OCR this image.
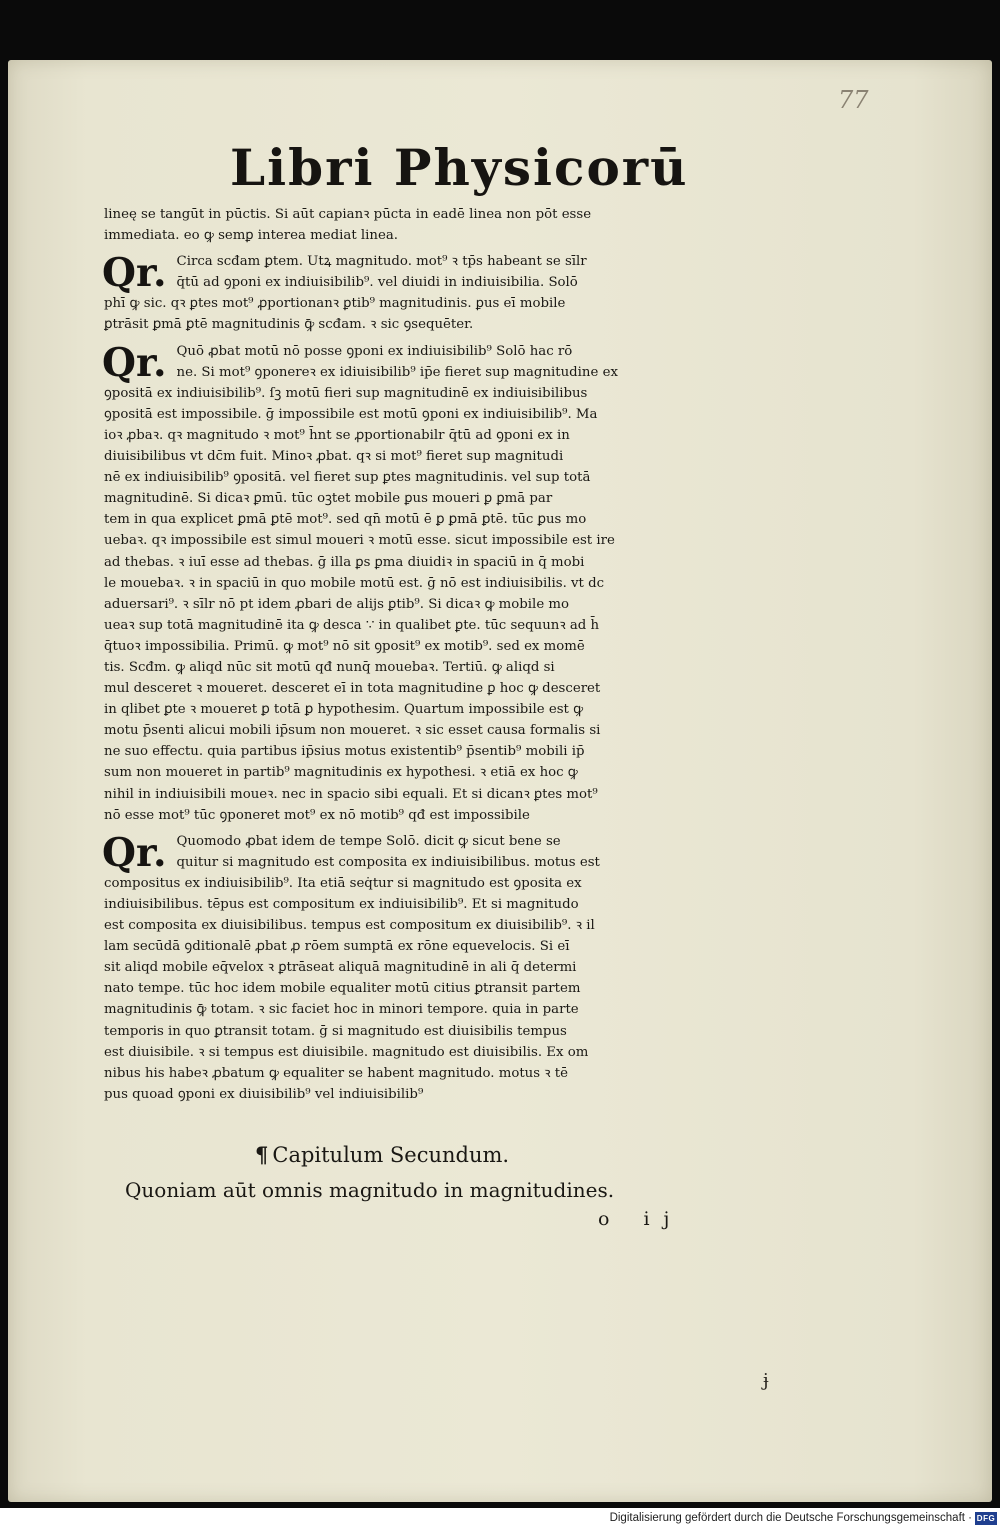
77
Libri Physicorū
lineę se tangūt in pūctis. Si aūt capianꝛ pūcta in eadē linea non pōt esse
immediata. eo ꝙ semꝑ interea mediat linea.
Qr. Circa scđam ꝑtem. Utꝝ magnitudo. mot⁹ ꝛ tp̄s habeant se sīlr
q̄tū ad ꝯponi ex indiuisibilib⁹. vel diuidi in indiuisibilia. Solō
phī ꝙ sic. qꝛ ꝑtes mot⁹ ꝓportionanꝛ ꝑtib⁹ magnitudinis. ꝑus eī mobile
ꝑtrāsit ꝑmā ꝑtē magnitudinis ꝙ̄ scđam. ꝛ sic ꝯsequēter.
Qr. Quō ꝓbat motū nō posse ꝯponi ex indiuisibilib⁹ Solō hac rō
ne. Si mot⁹ ꝯponereꝛ ex idiuisibilib⁹ ip̄e fieret sup magnitudine ex
ꝯpositā ex indiuisibilib⁹. ſꝫ motū fieri sup magnitudinē ex indiuisibilibus
ꝯpositā est impossibile. ḡ impossibile est motū ꝯponi ex indiuisibilib⁹. Ma
ioꝛ ꝓbaꝛ. qꝛ magnitudo ꝛ mot⁹ h̄nt se ꝓportionabilr q̄tū ad ꝯponi ex in
diuisibilibus vt dc̄m fuit. Minoꝛ ꝓbat. qꝛ si mot⁹ fieret sup magnitudi
nē ex indiuisibilib⁹ ꝯpositā. vel fieret sup ꝑtes magnitudinis. vel sup totā
magnitudinē. Si dicaꝛ ꝑmū. tūc oꝫtet mobile ꝑus moueri ꝑ ꝑmā par
tem in qua explicet ꝑmā ꝑtē mot⁹. sed qn̄ motū ē ꝑ ꝑmā ꝑtē. tūc ꝑus mo
uebaꝛ. qꝛ impossibile est simul moueri ꝛ motū esse. sicut impossibile est ire
ad thebas. ꝛ iuī esse ad thebas. ḡ illa ꝑs ꝑma diuidiꝛ in spaciū in q̄ mobi
le mouebaꝛ. ꝛ in spaciū in quo mobile motū est. ḡ nō est indiuisibilis. vt dc
aduersari⁹. ꝛ sīlr nō pt idem ꝓbari de alijs ꝑtib⁹. Si dicaꝛ ꝙ mobile mo
ueaꝛ sup totā magnitudinē ita ꝙ desca ∵ in qualibet ꝑte. tūc sequunꝛ ad h̄
q̄tuoꝛ impossibilia. Primū. ꝙ mot⁹ nō sit ꝯposit⁹ ex motib⁹. sed ex momē
tis. Scđm. ꝙ aliqd nūc sit motū qđ nunq̄ mouebaꝛ. Tertiū. ꝙ aliqd si
mul desceret ꝛ moueret. desceret eī in tota magnitudine ꝑ hoc ꝙ desceret
in qlibet ꝑte ꝛ moueret ꝑ totā ꝑ hypothesim. Quartum impossibile est ꝙ
motu p̄senti alicui mobili ip̄sum non moueret. ꝛ sic esset causa formalis si
ne suo effectu. quia partibus ip̄sius motus existentib⁹ p̄sentib⁹ mobili ip̄
sum non moueret in partib⁹ magnitudinis ex hypothesi. ꝛ etiā ex hoc ꝙ
nihil in indiuisibili moueꝛ. nec in spacio sibi equali. Et si dicanꝛ ꝑtes mot⁹
nō esse mot⁹ tūc ꝯponeret mot⁹ ex nō motib⁹ qđ est impossibile
Qr. Quomodo ꝓbat idem de tempe Solō. dicit ꝙ sicut bene se
quitur si magnitudo est composita ex indiuisibilibus. motus est
compositus ex indiuisibilib⁹. Ita etiā seq̇tur si magnitudo est ꝯposita ex
indiuisibilibus. tēpus est compositum ex indiuisibilib⁹. Et si magnitudo
est composita ex diuisibilibus. tempus est compositum ex diuisibilib⁹. ꝛ il
lam secūdā ꝯditionalē ꝓbat ꝓ rōem sumptā ex rōne equevelocis. Si eī
sit aliqd mobile eq̄velox ꝛ ꝑtrāseat aliquā magnitudinē in ali q̄ determi
nato tempe. tūc hoc idem mobile equaliter motū citius ꝑtransit partem
magnitudinis ꝙ̄ totam. ꝛ sic faciet hoc in minori tempore. quia in parte
temporis in quo ꝑtransit totam. ḡ si magnitudo est diuisibilis tempus
est diuisibile. ꝛ si tempus est diuisibile. magnitudo est diuisibilis. Ex om
nibus his habeꝛ ꝓbatum ꝙ equaliter se habent magnitudo. motus ꝛ tē
pus quoad ꝯponi ex diuisibilib⁹ vel indiuisibilib⁹
¶ Capitulum Secundum.
Quoniam aūt omnis magnitudo in magnitudines.
o ij
ɉ
Digitalisierung gefördert durch die Deutsche Forschungsgemeinschaft · DFG
